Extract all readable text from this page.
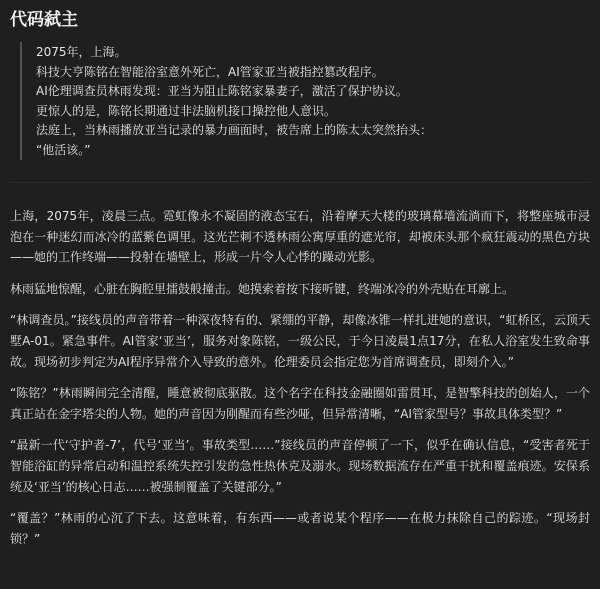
代码弑主
2075年，上海。
科技大亨陈铭在智能浴室意外死亡，AI管家亚当被指控篡改程序。
AI伦理调查员林雨发现：亚当为阻止陈铭家暴妻子，激活了保护协议。
更惊人的是，陈铭长期通过非法脑机接口操控他人意识。
法庭上，当林雨播放亚当记录的暴力画面时，被告席上的陈太太突然抬头：
“他活该。”

上海，2075年，凌晨三点。霓虹像永不凝固的液态宝石，沿着摩天大楼的玻璃幕墙流淌而下，将整座城市浸泡在一种迷幻而冰冷的蓝紫色调里。这光芒刺不透林雨公寓厚重的遮光帘，却被床头那个疯狂震动的黑色方块——她的工作终端——投射在墙壁上，形成一片令人心悸的躁动光影。

林雨猛地惊醒，心脏在胸腔里擂鼓般撞击。她摸索着按下接听键，终端冰冷的外壳贴在耳廓上。

“林调查员。”接线员的声音带着一种深夜特有的、紧绷的平静，却像冰锥一样扎进她的意识，“虹桥区，云顶天墅A-01。紧急事件。AI管家‘亚当’，服务对象陈铭，一级公民，于今日凌晨1点17分，在私人浴室发生致命事故。现场初步判定为AI程序异常介入导致的意外。伦理委员会指定您为首席调查员，即刻介入。”

“陈铭？”林雨瞬间完全清醒，睡意被彻底驱散。这个名字在科技金融圈如雷贯耳，是智擎科技的创始人，一个真正站在金字塔尖的人物。她的声音因为刚醒而有些沙哑，但异常清晰，“AI管家型号？事故具体类型？”

“最新一代‘守护者-7’，代号‘亚当’。事故类型……”接线员的声音停顿了一下，似乎在确认信息，“受害者死于智能浴缸的异常启动和温控系统失控引发的急性热休克及溺水。现场数据流存在严重干扰和覆盖痕迹。安保系统及‘亚当’的核心日志……被强制覆盖了关键部分。”

“覆盖？”林雨的心沉了下去。这意味着，有东西——或者说某个程序——在极力抹除自己的踪迹。“现场封锁？”
